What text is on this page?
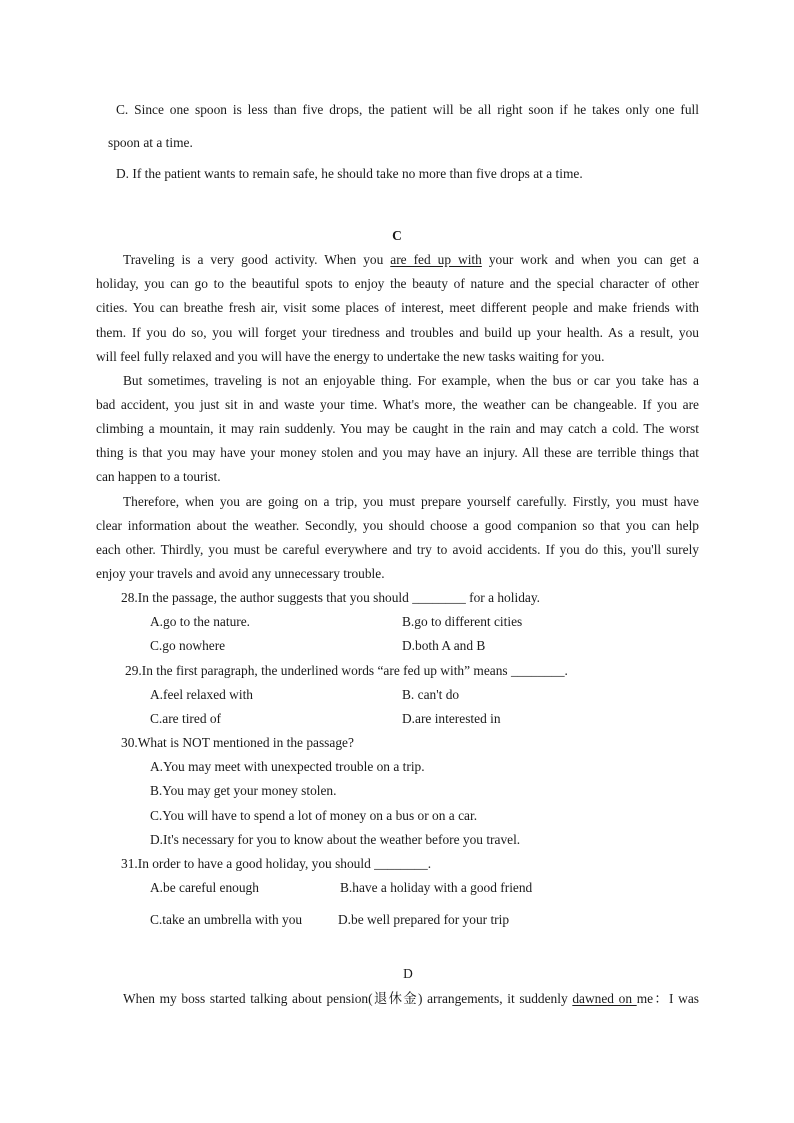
C. Since one spoon is less than five drops, the patient will be all right soon if he takes only one full
spoon at a time.
D. If the patient wants to remain safe, he should take no more than five drops at a time.
C
Traveling is a very good activity. When you are fed up with your work and when you can get a
holiday, you can go to the beautiful spots to enjoy the beauty of nature and the special character of other
cities. You can breathe fresh air, visit some places of interest, meet different people and make friends with
them. If you do so, you will forget your tiredness and troubles and build up your health. As a result, you
will feel fully relaxed and you will have the energy to undertake the new tasks waiting for you.
But sometimes, traveling is not an enjoyable thing. For example, when the bus or car you take has a
bad accident, you just sit in and waste your time. What's more, the weather can be changeable. If you are
climbing a mountain, it may rain suddenly. You may be caught in the rain and may catch a cold. The worst
thing is that you may have your money stolen and you may have an injury. All these are terrible things that
can happen to a tourist.
Therefore, when you are going on a trip, you must prepare yourself carefully. Firstly, you must have
clear information about the weather. Secondly, you should choose a good companion so that you can help
each other. Thirdly, you must be careful everywhere and try to avoid accidents. If you do this, you'll surely
enjoy your travels and avoid any unnecessary trouble.
28.In the passage, the author suggests that you should ________ for a holiday.
A.go to the nature.	B.go to different cities
C.go nowhere	D.both A and B
29.In the first paragraph, the underlined words “are fed up with” means ________.
A.feel relaxed with	B. can't do
C.are tired of	D.are interested in
30.What is NOT mentioned in the passage?
A.You may meet with unexpected trouble on a trip.
B.You may get your money stolen.
C.You will have to spend a lot of money on a bus or on a car.
D.It's necessary for you to know about the weather before you travel.
31.In order to have a good holiday, you should ________.
A.be careful enough	B.have a holiday with a good friend
C.take an umbrella with you	D.be well prepared for your trip
D
When my boss started talking about pension(退休金) arrangements, it suddenly dawned on me：I was
